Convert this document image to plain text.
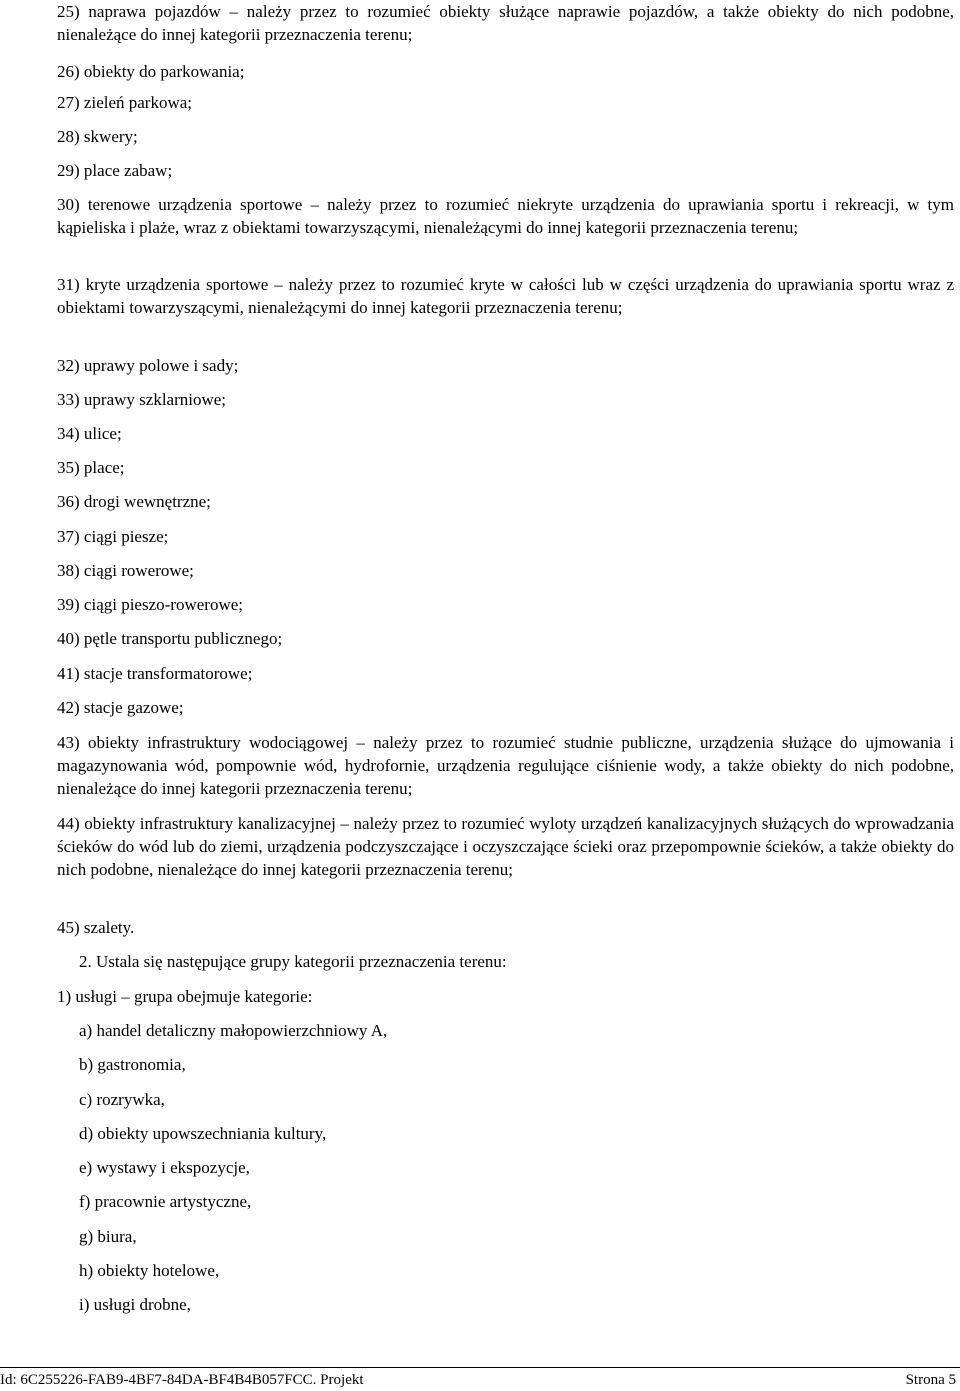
25) naprawa pojazdów – należy przez to rozumieć obiekty służące naprawie pojazdów, a także obiekty do nich podobne, nienależące do innej kategorii przeznaczenia terenu;

26) obiekty do parkowania;

27) zieleń parkowa;

28) skwery;

29) place zabaw;

30) terenowe urządzenia sportowe – należy przez to rozumieć niekryte urządzenia do uprawiania sportu i rekreacji, w tym kąpieliska i plaże, wraz z obiektami towarzyszącymi, nienależącymi do innej kategorii przeznaczenia terenu;

31) kryte urządzenia sportowe – należy przez to rozumieć kryte w całości lub w części urządzenia do uprawiania sportu wraz z obiektami towarzyszącymi, nienależącymi do innej kategorii przeznaczenia terenu;

32) uprawy polowe i sady;

33) uprawy szklarniowe;

34) ulice;

35) place;

36) drogi wewnętrzne;

37) ciągi piesze;

38) ciągi rowerowe;

39) ciągi pieszo-rowerowe;

40) pętle transportu publicznego;

41) stacje transformatorowe;

42) stacje gazowe;

43) obiekty infrastruktury wodociągowej – należy przez to rozumieć studnie publiczne, urządzenia służące do ujmowania i magazynowania wód, pompownie wód, hydrofornie, urządzenia regulujące ciśnienie wody, a także obiekty do nich podobne, nienależące do innej kategorii przeznaczenia terenu;

44) obiekty infrastruktury kanalizacyjnej – należy przez to rozumieć wyloty urządzeń kanalizacyjnych służących do wprowadzania ścieków do wód lub do ziemi, urządzenia podczyszczające i oczyszczające ścieki oraz przepompownie ścieków, a także obiekty do nich podobne, nienależące do innej kategorii przeznaczenia terenu;

45) szalety.

2. Ustala się następujące grupy kategorii przeznaczenia terenu:

1) usługi – grupa obejmuje kategorie:

a) handel detaliczny małopowierzchniowy A,

b) gastronomia,

c) rozrywka,

d) obiekty upowszechniania kultury,

e) wystawy i ekspozycje,

f) pracownie artystyczne,

g) biura,

h) obiekty hotelowe,

i) usługi drobne,

Id: 6C255226-FAB9-4BF7-84DA-BF4B4B057FCC. Projekt	Strona 5
